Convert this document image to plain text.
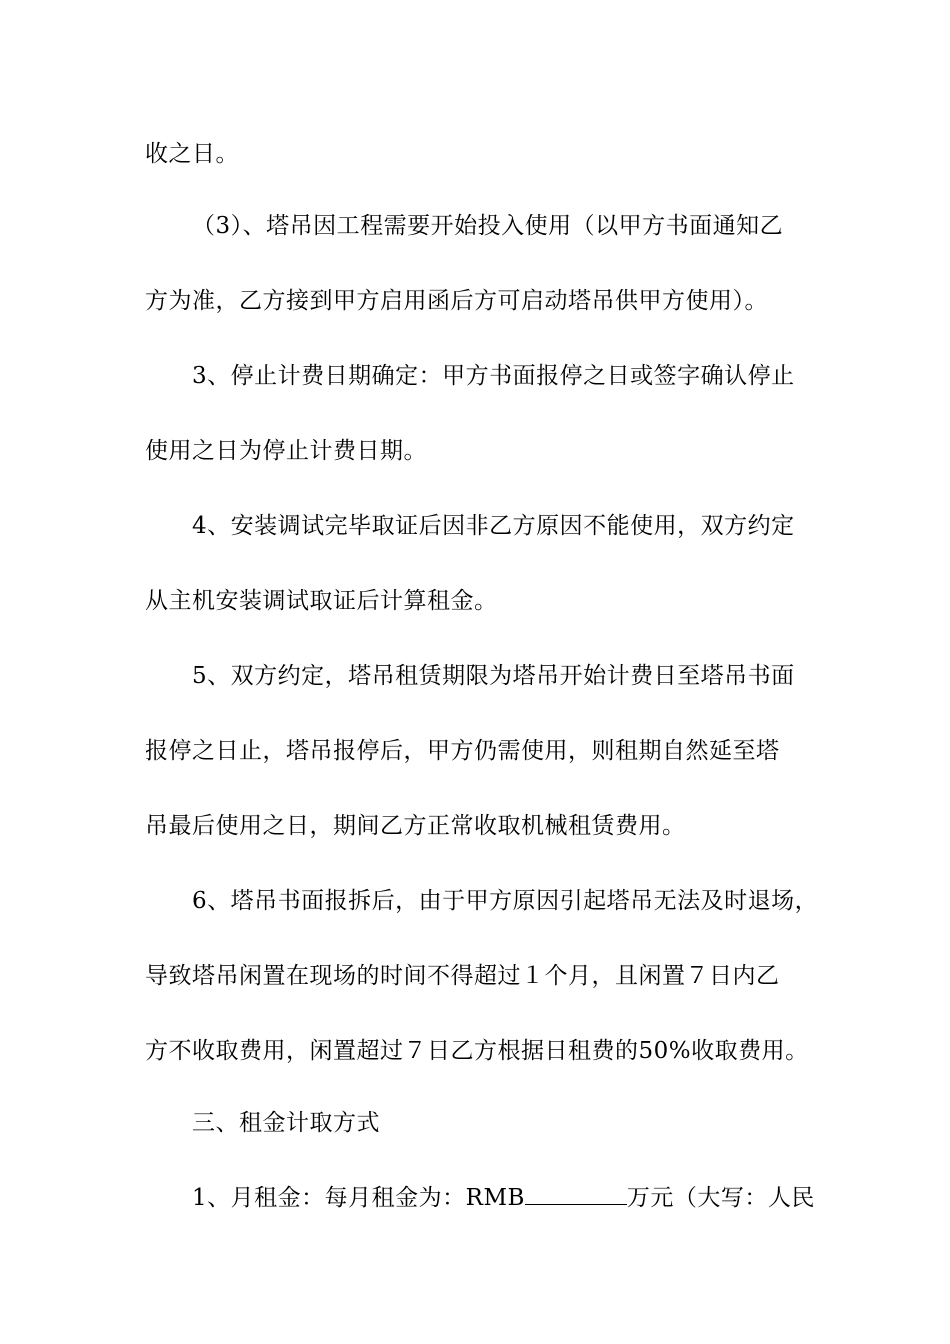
收之日。
（3）、塔吊因工程需要开始投入使用（以甲方书面通知乙
方为准，乙方接到甲方启用函后方可启动塔吊供甲方使用）。
3、停止计费日期确定：甲方书面报停之日或签字确认停止
使用之日为停止计费日期。
4、安装调试完毕取证后因非乙方原因不能使用，双方约定
从主机安装调试取证后计算租金。
5、双方约定，塔吊租赁期限为塔吊开始计费日至塔吊书面
报停之日止，塔吊报停后，甲方仍需使用，则租期自然延至塔
吊最后使用之日，期间乙方正常收取机械租赁费用。
6、塔吊书面报拆后，由于甲方原因引起塔吊无法及时退场，
导致塔吊闲置在现场的时间不得超过１个月，且闲置７日内乙
方不收取费用，闲置超过７日乙方根据日租费的50%收取费用。
三、租金计取方式
1、月租金：每月租金为：RMB	万元（大写：人民
